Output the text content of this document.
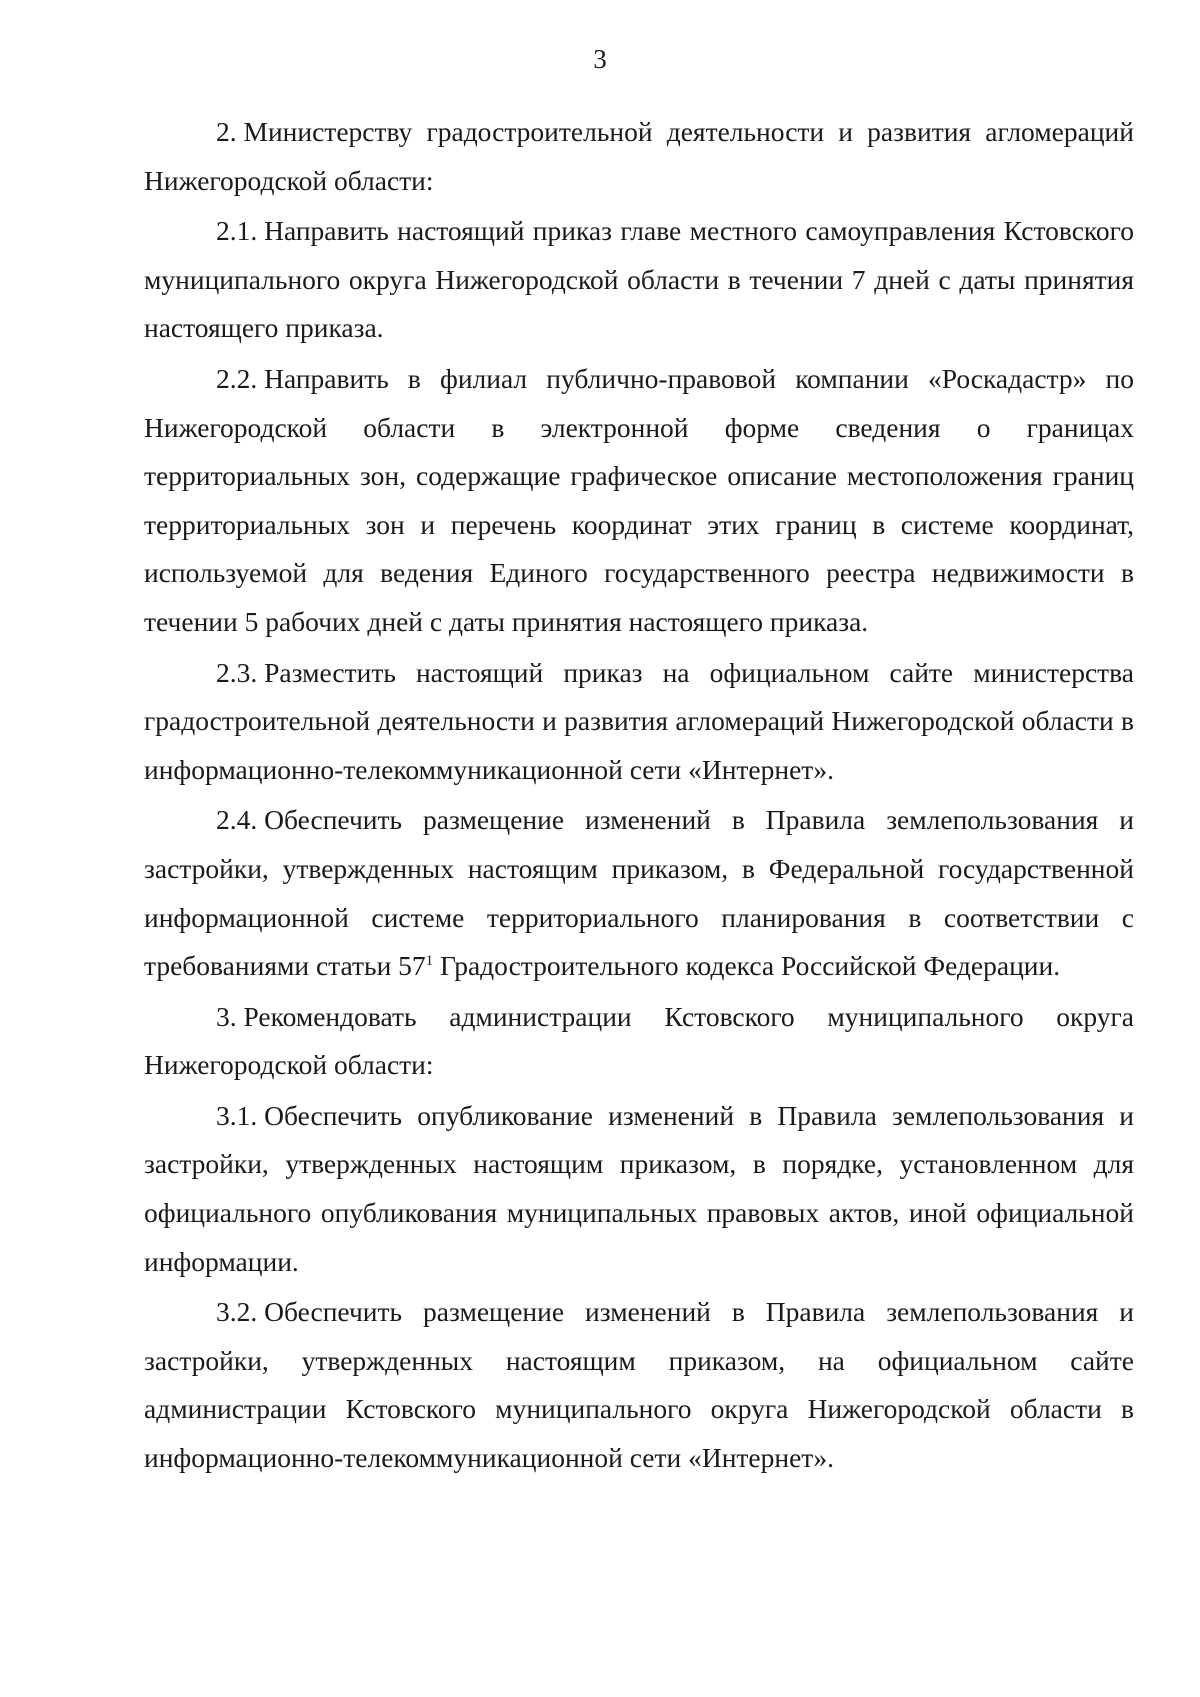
3

2. Министерству градостроительной деятельности и развития агломераций Нижегородской области:

2.1. Направить настоящий приказ главе местного самоуправления Кстовского муниципального округа Нижегородской области в течении 7 дней с даты принятия настоящего приказа.

2.2. Направить в филиал публично-правовой компании «Роскадастр» по Нижегородской области в электронной форме сведения о границах территориальных зон, содержащие графическое описание местоположения границ территориальных зон и перечень координат этих границ в системе координат, используемой для ведения Единого государственного реестра недвижимости в течении 5 рабочих дней с даты принятия настоящего приказа.

2.3. Разместить настоящий приказ на официальном сайте министерства градостроительной деятельности и развития агломераций Нижегородской области в информационно-телекоммуникационной сети «Интернет».

2.4. Обеспечить размещение изменений в Правила землепользования и застройки, утвержденных настоящим приказом, в Федеральной государственной информационной системе территориального планирования в соответствии с требованиями статьи $57^1$ Градостроительного кодекса Российской Федерации.

3. Рекомендовать администрации Кстовского муниципального округа Нижегородской области:

3.1. Обеспечить опубликование изменений в Правила землепользования и застройки, утвержденных настоящим приказом, в порядке, установленном для официального опубликования муниципальных правовых актов, иной официальной информации.

3.2. Обеспечить размещение изменений в Правила землепользования и застройки, утвержденных настоящим приказом, на официальном сайте администрации Кстовского муниципального округа Нижегородской области в информационно-телекоммуникационной сети «Интернет».
